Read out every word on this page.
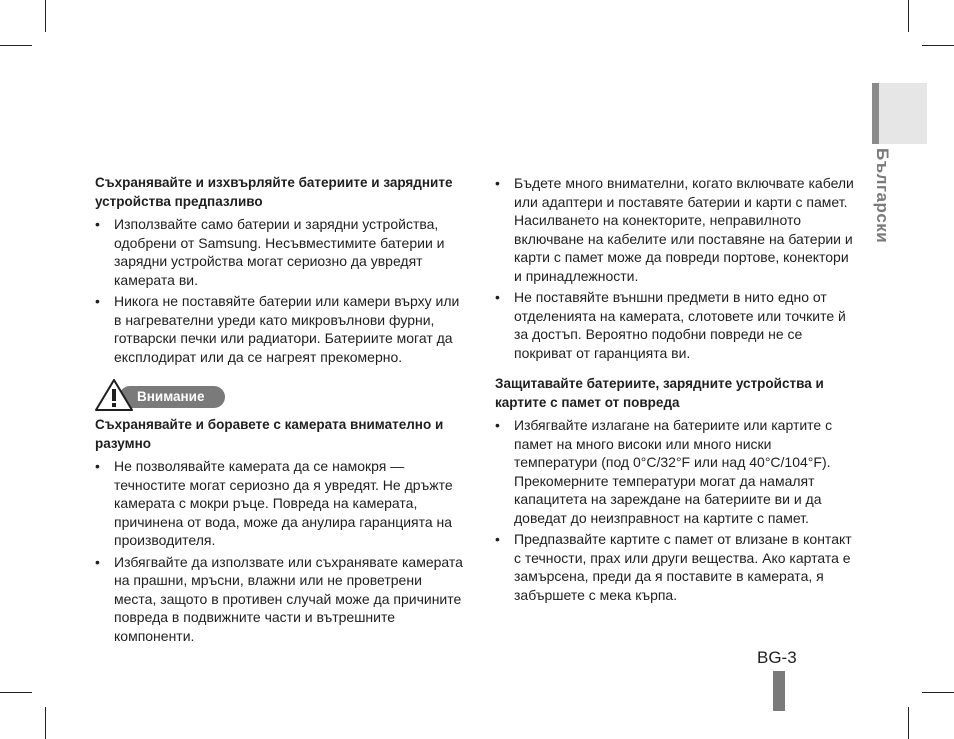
Български
Съхранявайте и изхвърляйте батериите и зарядните устройства предпазливо
• Използвайте само батерии и зарядни устройства, одобрени от Samsung. Несъвместимите батерии и зарядни устройства могат сериозно да увредят камерата ви.
• Никога не поставяйте батерии или камери върху или в нагревателни уреди като микровълнови фурни, готварски печки или радиатори. Батериите могат да експлодират или да се нагреят прекомерно.
Внимание
Съхранявайте и боравете с камерата внимателно и разумно
• Не позволявайте камерата да се намокря — течностите могат сериозно да я увредят. Не дръжте камерата с мокри ръце. Повреда на камерата, причинена от вода, може да анулира гаранцията на производителя.
• Избягвайте да използвате или съхранявате камерата на прашни, мръсни, влажни или не проветрени места, защото в противен случай може да причините повреда в подвижните части и вътрешните компоненти.
• Бъдете много внимателни, когато включвате кабели или адаптери и поставяте батерии и карти с памет. Насилването на конекторите, неправилното включване на кабелите или поставяне на батерии и карти с памет може да повреди портове, конектори и принадлежности.
• Не поставяйте външни предмети в нито едно от отделенията на камерата, слотовете или точките й за достъп. Вероятно подобни повреди не се покриват от гаранцията ви.
Защитавайте батериите, зарядните устройства и картите с памет от повреда
• Избягвайте излагане на батериите или картите с памет на много високи или много ниски температури (под 0°C/32°F или над 40°C/104°F). Прекомерните температури могат да намалят капацитета на зареждане на батериите ви и да доведат до неизправност на картите с памет.
• Предпазвайте картите с памет от влизане в контакт с течности, прах или други вещества. Ако картата е замърсена, преди да я поставите в камерата, я забършете с мека кърпа.
BG-3
